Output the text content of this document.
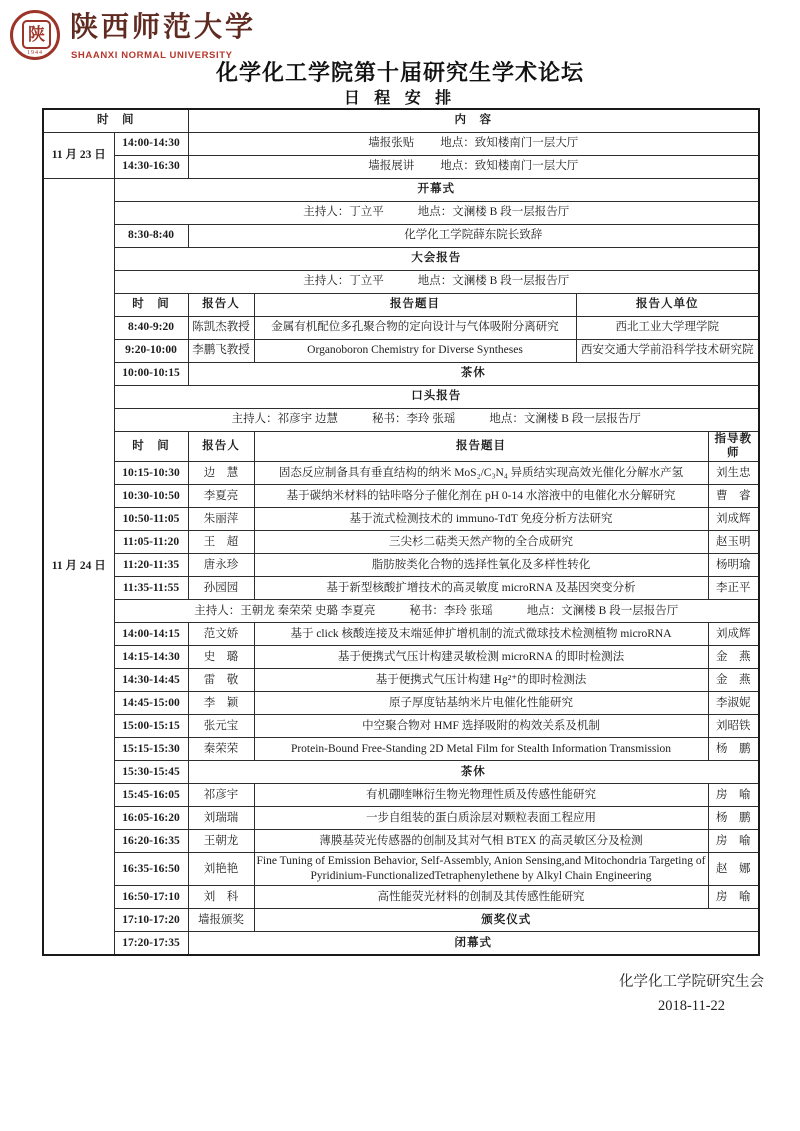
陕
1944
陕西师范大学
SHAANXI NORMAL UNIVERSITY
化学化工学院第十届研究生学术论坛
日 程 安 排
时　间		内　容			
11 月 23 日	14:00-14:30	墙报张贴 地点：致知楼南门一层大厅			
	14:30-16:30	墙报展讲 地点：致知楼南门一层大厅			
11 月 24 日	开幕式				
	主持人：丁立平 地点：文澜楼 B 段一层报告厅				
	8:30-8:40	化学化工学院薛东院长致辞			
	大会报告				
	主持人：丁立平 地点：文澜楼 B 段一层报告厅				
	时　间	报告人	报告题目	报告人单位	
	8:40-9:20	陈凯杰教授	金属有机配位多孔聚合物的定向设计与气体吸附分离研究	西北工业大学理学院	
	9:20-10:00	李鹏飞教授	Organoboron Chemistry for Diverse Syntheses	西安交通大学前沿科学技术研究院	
	10:00-10:15	茶休			
	口头报告				
	主持人：祁彦宇 边慧 秘书：李玲 张瑶 地点：文澜楼 B 段一层报告厅				
	时　间	报告人	报告题目		指导教师
	10:15-10:30	边　慧	固态反应制备具有垂直结构的纳米 MoS₂/C₃N₄ 异质结实现高效光催化分解水产氢		刘生忠
	10:30-10:50	李夏亮	基于碳纳米材料的钴咔咯分子催化剂在 pH 0-14 水溶液中的电催化水分解研究		曹　睿
	10:50-11:05	朱丽萍	基于流式检测技术的 immuno-TdT 免疫分析方法研究		刘成辉
	11:05-11:20	王　超	三尖杉二萜类天然产物的全合成研究		赵玉明
	11:20-11:35	唐永珍	脂肪胺类化合物的选择性氧化及多样性转化		杨明瑜
	11:35-11:55	孙园园	基于新型核酸扩增技术的高灵敏度 microRNA 及基因突变分析		李正平
	主持人：王朝龙 秦荣荣 史璐 李夏亮 秘书：李玲 张瑶 地点：文澜楼 B 段一层报告厅				
	14:00-14:15	范文娇	基于 click 核酸连接及末端延伸扩增机制的流式微球技术检测植物 microRNA		刘成辉
	14:15-14:30	史　璐	基于便携式气压计构建灵敏检测 microRNA 的即时检测法		金　燕
	14:30-14:45	雷　敬	基于便携式气压计构建 Hg²⁺的即时检测法		金　燕
	14:45-15:00	李　颖	原子厚度钴基纳米片电催化性能研究		李淑妮
	15:00-15:15	张元宝	中空聚合物对 HMF 选择吸附的构效关系及机制		刘昭铁
	15:15-15:30	秦荣荣	Protein-Bound Free-Standing 2D Metal Film for Stealth Information Transmission		杨　鹏
	15:30-15:45	茶休			
	15:45-16:05	祁彦宇	有机硼喹啉衍生物光物理性质及传感性能研究		房　喻
	16:05-16:20	刘瑞瑞	一步自组装的蛋白质涂层对颗粒表面工程应用		杨　鹏
	16:20-16:35	王朝龙	薄膜基荧光传感器的创制及其对气相 BTEX 的高灵敏区分及检测		房　喻
	16:35-16:50	刘艳艳	Fine Tuning of Emission Behavior, Self-Assembly, Anion Sensing,and Mitochondria Targeting of Pyridinium-FunctionalizedTetraphenylethene by Alkyl Chain Engineering		赵　娜
	16:50-17:10	刘　科	高性能荧光材料的创制及其传感性能研究		房　喻
	17:10-17:20	墙报颁奖	颁奖仪式		
	17:20-17:35	闭幕式			
化学化工学院研究生会
2018-11-22
